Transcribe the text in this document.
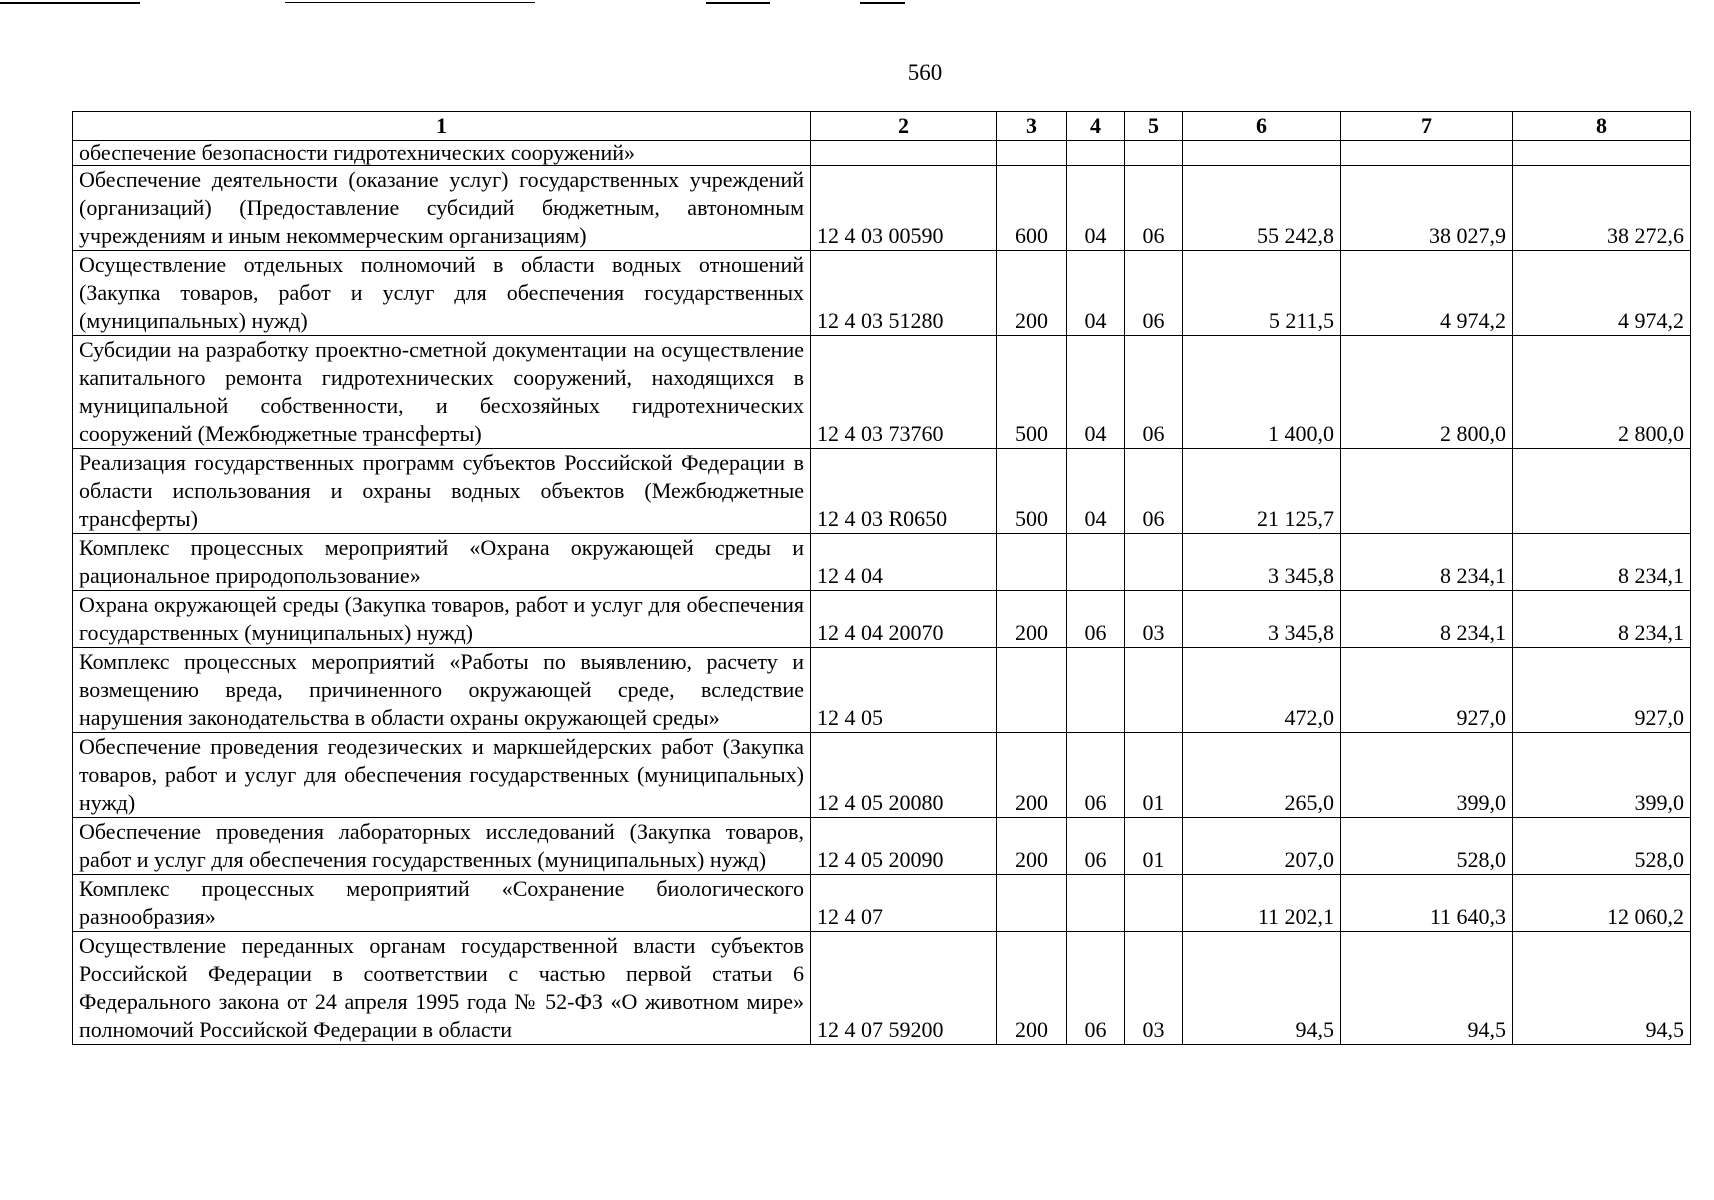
560
1	2	3	4	5	6	7	8
обеспечение безопасности гидротехнических сооружений»							
Обеспечение деятельности (оказание услуг) государственных учреждений (организаций) (Предоставление субсидий бюджетным, автономным учреждениям и иным некоммерческим организациям)	12 4 03 00590	600	04	06	55 242,8	38 027,9	38 272,6
Осуществление отдельных полномочий в области водных отношений (Закупка товаров, работ и услуг для обеспечения государственных (муниципальных) нужд)	12 4 03 51280	200	04	06	5 211,5	4 974,2	4 974,2
Субсидии на разработку проектно-сметной документации на осуществление капитального ремонта гидротехнических сооружений, находящихся в муниципальной собственности, и бесхозяйных гидротехнических сооружений (Межбюджетные трансферты)	12 4 03 73760	500	04	06	1 400,0	2 800,0	2 800,0
Реализация государственных программ субъектов Российской Федерации в области использования и охраны водных объектов (Межбюджетные трансферты)	12 4 03 R0650	500	04	06	21 125,7		
Комплекс процессных мероприятий «Охрана окружающей среды и рациональное природопользование»	12 4 04				3 345,8	8 234,1	8 234,1
Охрана окружающей среды (Закупка товаров, работ и услуг для обеспечения государственных (муниципальных) нужд)	12 4 04 20070	200	06	03	3 345,8	8 234,1	8 234,1
Комплекс процессных мероприятий «Работы по выявлению, расчету и возмещению вреда, причиненного окружающей среде, вследствие нарушения законодательства в области охраны окружающей среды»	12 4 05				472,0	927,0	927,0
Обеспечение проведения геодезических и маркшейдерских работ (Закупка товаров, работ и услуг для обеспечения государственных (муниципальных) нужд)	12 4 05 20080	200	06	01	265,0	399,0	399,0
Обеспечение проведения лабораторных исследований (Закупка товаров, работ и услуг для обеспечения государственных (муниципальных) нужд)	12 4 05 20090	200	06	01	207,0	528,0	528,0
Комплекс процессных мероприятий «Сохранение биологического разнообразия»	12 4 07				11 202,1	11 640,3	12 060,2
Осуществление переданных органам государственной власти субъектов Российской Федерации в соответствии с частью первой статьи 6 Федерального закона от 24 апреля 1995 года № 52-ФЗ «О животном мире» полномочий Российской Федерации в области	12 4 07 59200	200	06	03	94,5	94,5	94,5
